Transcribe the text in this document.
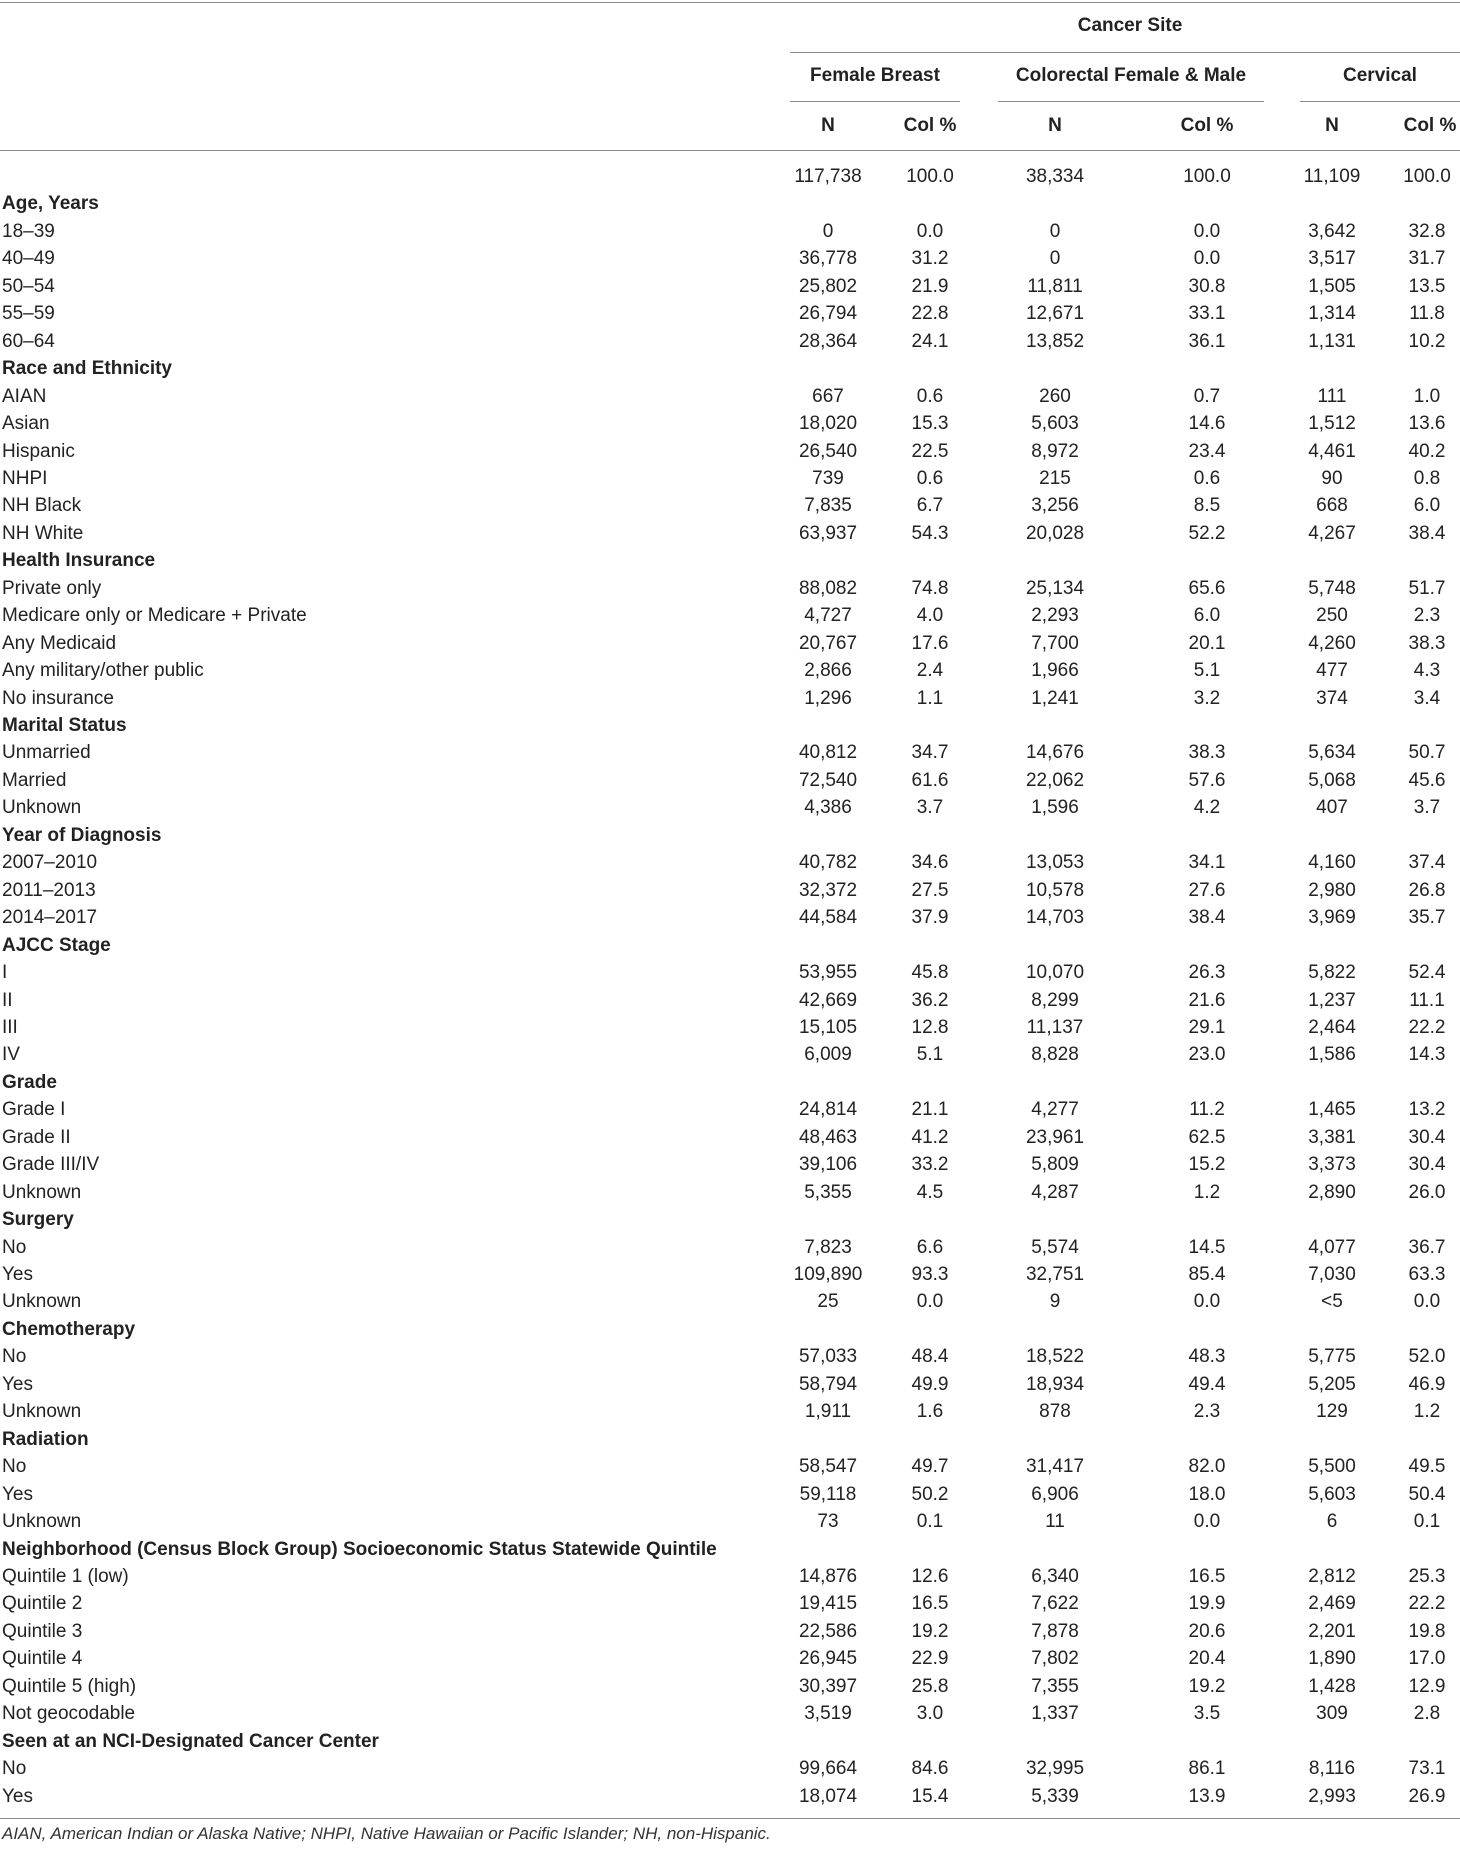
Cancer Site
Female Breast	Colorectal Female & Male	Cervical
N	Col %	N	Col %	N	Col %
117,738	100.0	38,334	100.0	11,109	100.0
Age, Years
18–39	0	0.0	0	0.0	3,642	32.8
40–49	36,778	31.2	0	0.0	3,517	31.7
50–54	25,802	21.9	11,811	30.8	1,505	13.5
55–59	26,794	22.8	12,671	33.1	1,314	11.8
60–64	28,364	24.1	13,852	36.1	1,131	10.2
Race and Ethnicity
AIAN	667	0.6	260	0.7	111	1.0
Asian	18,020	15.3	5,603	14.6	1,512	13.6
Hispanic	26,540	22.5	8,972	23.4	4,461	40.2
NHPI	739	0.6	215	0.6	90	0.8
NH Black	7,835	6.7	3,256	8.5	668	6.0
NH White	63,937	54.3	20,028	52.2	4,267	38.4
Health Insurance
Private only	88,082	74.8	25,134	65.6	5,748	51.7
Medicare only or Medicare + Private	4,727	4.0	2,293	6.0	250	2.3
Any Medicaid	20,767	17.6	7,700	20.1	4,260	38.3
Any military/other public	2,866	2.4	1,966	5.1	477	4.3
No insurance	1,296	1.1	1,241	3.2	374	3.4
Marital Status
Unmarried	40,812	34.7	14,676	38.3	5,634	50.7
Married	72,540	61.6	22,062	57.6	5,068	45.6
Unknown	4,386	3.7	1,596	4.2	407	3.7
Year of Diagnosis
2007–2010	40,782	34.6	13,053	34.1	4,160	37.4
2011–2013	32,372	27.5	10,578	27.6	2,980	26.8
2014–2017	44,584	37.9	14,703	38.4	3,969	35.7
AJCC Stage
I	53,955	45.8	10,070	26.3	5,822	52.4
II	42,669	36.2	8,299	21.6	1,237	11.1
III	15,105	12.8	11,137	29.1	2,464	22.2
IV	6,009	5.1	8,828	23.0	1,586	14.3
Grade
Grade I	24,814	21.1	4,277	11.2	1,465	13.2
Grade II	48,463	41.2	23,961	62.5	3,381	30.4
Grade III/IV	39,106	33.2	5,809	15.2	3,373	30.4
Unknown	5,355	4.5	4,287	1.2	2,890	26.0
Surgery
No	7,823	6.6	5,574	14.5	4,077	36.7
Yes	109,890	93.3	32,751	85.4	7,030	63.3
Unknown	25	0.0	9	0.0	<5	0.0
Chemotherapy
No	57,033	48.4	18,522	48.3	5,775	52.0
Yes	58,794	49.9	18,934	49.4	5,205	46.9
Unknown	1,911	1.6	878	2.3	129	1.2
Radiation
No	58,547	49.7	31,417	82.0	5,500	49.5
Yes	59,118	50.2	6,906	18.0	5,603	50.4
Unknown	73	0.1	11	0.0	6	0.1
Neighborhood (Census Block Group) Socioeconomic Status Statewide Quintile
Quintile 1 (low)	14,876	12.6	6,340	16.5	2,812	25.3
Quintile 2	19,415	16.5	7,622	19.9	2,469	22.2
Quintile 3	22,586	19.2	7,878	20.6	2,201	19.8
Quintile 4	26,945	22.9	7,802	20.4	1,890	17.0
Quintile 5 (high)	30,397	25.8	7,355	19.2	1,428	12.9
Not geocodable	3,519	3.0	1,337	3.5	309	2.8
Seen at an NCI-Designated Cancer Center
No	99,664	84.6	32,995	86.1	8,116	73.1
Yes	18,074	15.4	5,339	13.9	2,993	26.9
AIAN, American Indian or Alaska Native; NHPI, Native Hawaiian or Pacific Islander; NH, non-Hispanic.
